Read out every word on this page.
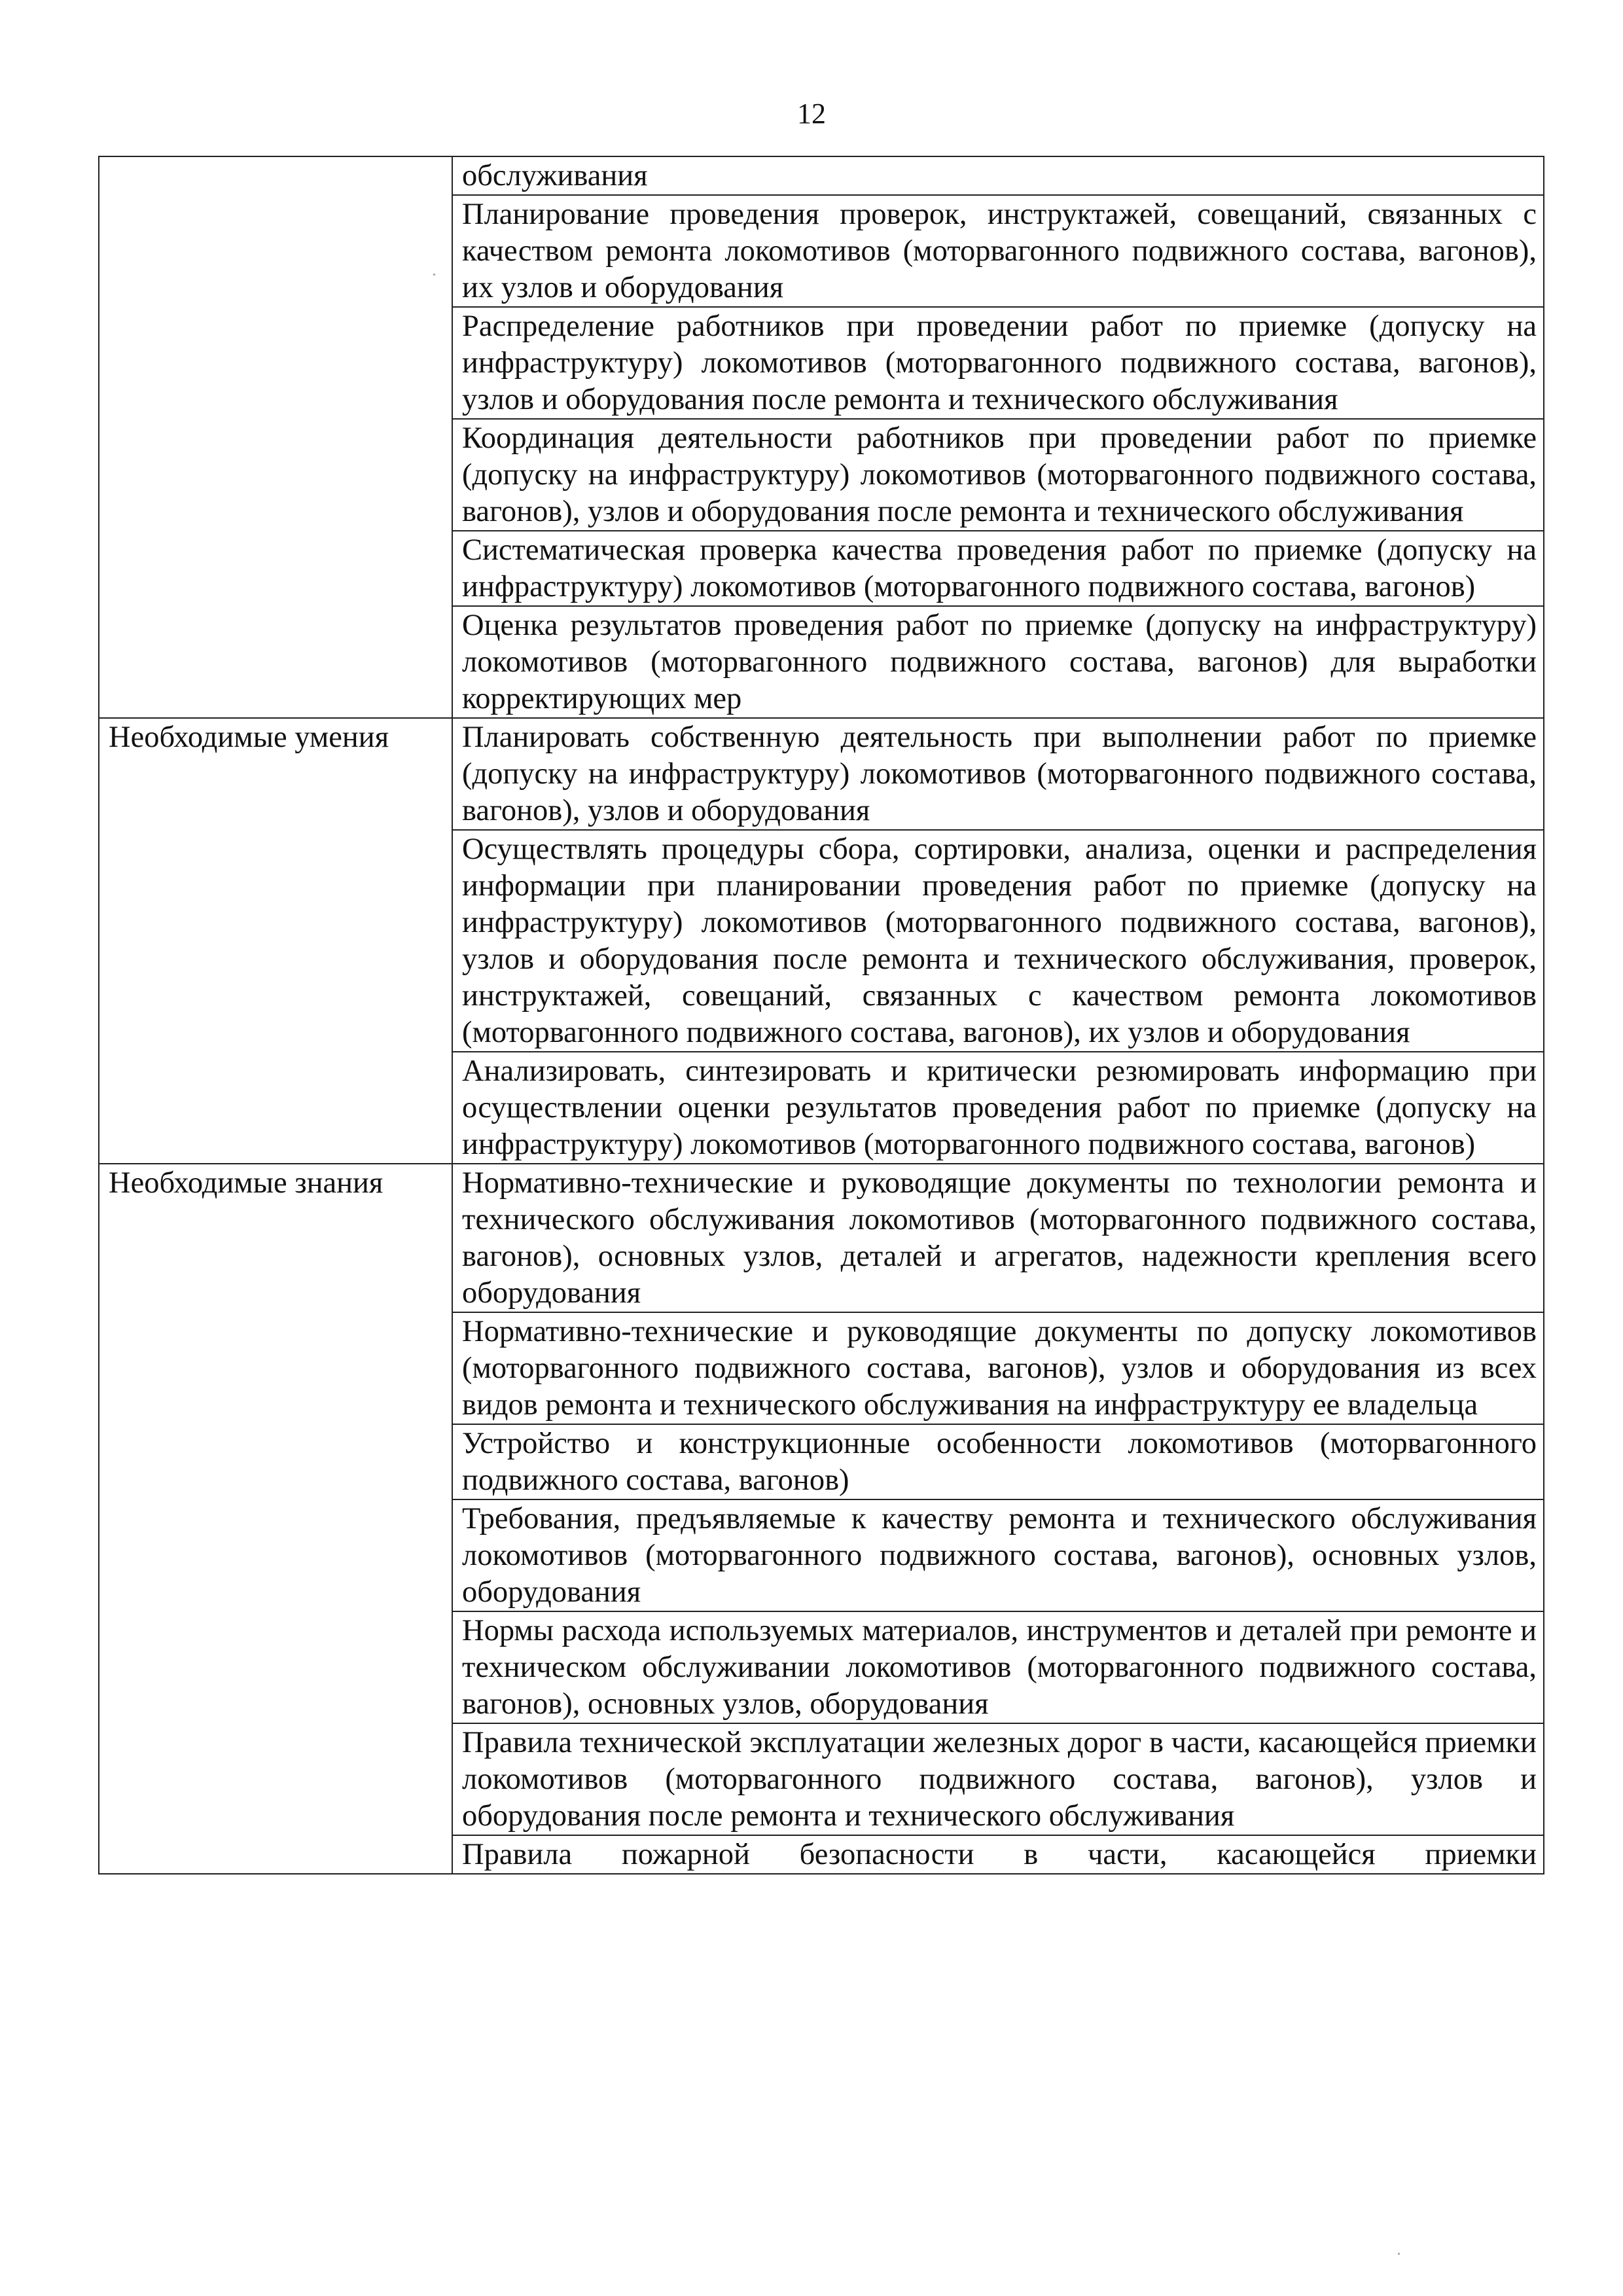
12
	обслуживания
	Планирование проведения проверок, инструктажей, совещаний, связанных с качеством ремонта локомотивов (моторвагонного подвижного состава, вагонов), их узлов и оборудования
	Распределение работников при проведении работ по приемке (допуску на инфраструктуру) локомотивов (моторвагонного подвижного состава, вагонов), узлов и оборудования после ремонта и технического обслуживания
	Координация деятельности работников при проведении работ по приемке (допуску на инфраструктуру) локомотивов (моторвагонного подвижного состава, вагонов), узлов и оборудования после ремонта и технического обслуживания
	Систематическая проверка качества проведения работ по приемке (допуску на инфраструктуру) локомотивов (моторвагонного подвижного состава, вагонов)
	Оценка результатов проведения работ по приемке (допуску на инфраструктуру) локомотивов (моторвагонного подвижного состава, вагонов) для выработки корректирующих мер
Необходимые умения	Планировать собственную деятельность при выполнении работ по приемке (допуску на инфраструктуру) локомотивов (моторвагонного подвижного состава, вагонов), узлов и оборудования
	Осуществлять процедуры сбора, сортировки, анализа, оценки и распределения информации при планировании проведения работ по приемке (допуску на инфраструктуру) локомотивов (моторвагонного подвижного состава, вагонов), узлов и оборудования после ремонта и технического обслуживания, проверок, инструктажей, совещаний, связанных с качеством ремонта локомотивов (моторвагонного подвижного состава, вагонов), их узлов и оборудования
	Анализировать, синтезировать и критически резюмировать информацию при осуществлении оценки результатов проведения работ по приемке (допуску на инфраструктуру) локомотивов (моторвагонного подвижного состава, вагонов)
Необходимые знания	Нормативно-технические и руководящие документы по технологии ремонта и технического обслуживания локомотивов (моторвагонного подвижного состава, вагонов), основных узлов, деталей и агрегатов, надежности крепления всего оборудования
	Нормативно-технические и руководящие документы по допуску локомотивов (моторвагонного подвижного состава, вагонов), узлов и оборудования из всех видов ремонта и технического обслуживания на инфраструктуру ее владельца
	Устройство и конструкционные особенности локомотивов (моторвагонного подвижного состава, вагонов)
	Требования, предъявляемые к качеству ремонта и технического обслуживания локомотивов (моторвагонного подвижного состава, вагонов), основных узлов, оборудования
	Нормы расхода используемых материалов, инструментов и деталей при ремонте и техническом обслуживании локомотивов (моторвагонного подвижного состава, вагонов), основных узлов, оборудования
	Правила технической эксплуатации железных дорог в части, касающейся приемки локомотивов (моторвагонного подвижного состава, вагонов), узлов и оборудования после ремонта и технического обслуживания
	Правила пожарной безопасности в части, касающейся приемки
